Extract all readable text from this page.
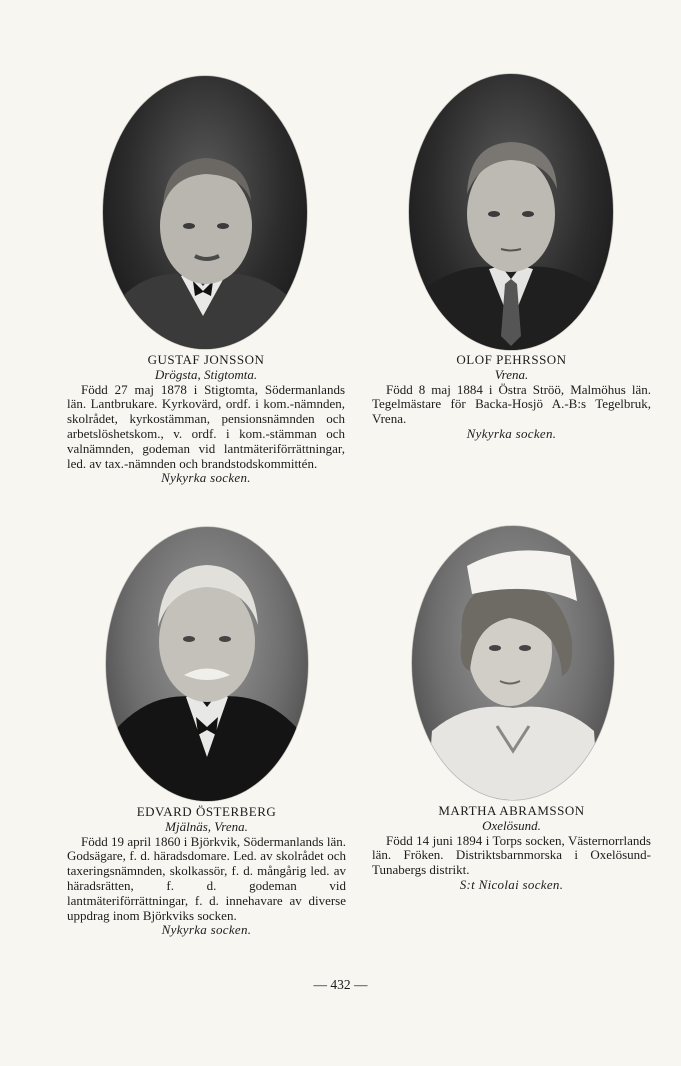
GUSTAF JONSSON
Drögsta, Stigtomta.

Född 27 maj 1878 i Stigtomta, Södermanlands län. Lantbrukare. Kyrkovärd, ordf. i kom.-nämnden, skolrådet, kyrkostämman, pensionsnämnden och arbetslöshetskom., v. ordf. i kom.-stämman och valnämnden, godeman vid lantmäteriförrättningar, led. av tax.-nämnden och brandstodskommittén.

Nykyrka socken.
OLOF PEHRSSON
Vrena.

Född 8 maj 1884 i Östra Ströö, Malmöhus län. Tegelmästare för Backa-Hosjö A.-B:s Tegelbruk, Vrena.

Nykyrka socken.
EDVARD ÖSTERBERG
Mjälnäs, Vrena.

Född 19 april 1860 i Björkvik, Södermanlands län. Godsägare, f. d. häradsdomare. Led. av skolrådet och taxeringsnämnden, skolkassör, f. d. mångårig led. av häradsrätten, f. d. godeman vid lantmäteriförrättningar, f. d. innehavare av diverse uppdrag inom Björkviks socken.

Nykyrka socken.
MARTHA ABRAMSSON
Oxelösund.

Född 14 juni 1894 i Torps socken, Västernorrlands län. Fröken. Distriktsbarnmorska i Oxelösund-Tunabergs distrikt.

S:t Nicolai socken.
— 432 —
